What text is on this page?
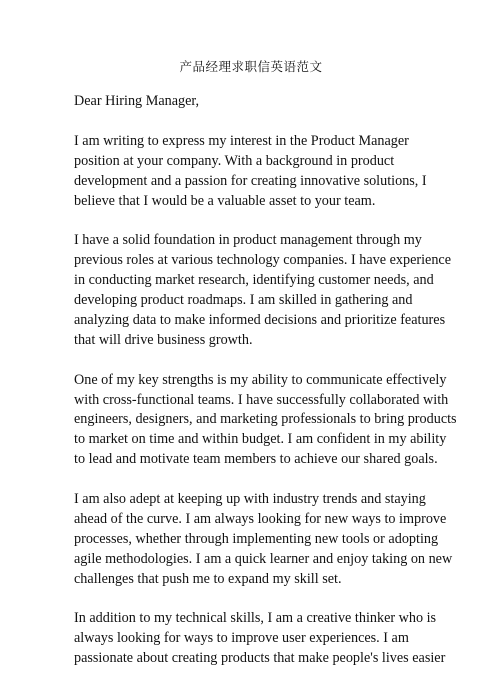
产品经理求职信英语范文
Dear Hiring Manager,
I am writing to express my interest in the Product Manager
position at your company. With a background in product
development and a passion for creating innovative solutions, I
believe that I would be a valuable asset to your team.
I have a solid foundation in product management through my
previous roles at various technology companies. I have experience
in conducting market research, identifying customer needs, and
developing product roadmaps. I am skilled in gathering and
analyzing data to make informed decisions and prioritize features
that will drive business growth.
One of my key strengths is my ability to communicate effectively
with cross-functional teams. I have successfully collaborated with
engineers, designers, and marketing professionals to bring products
to market on time and within budget. I am confident in my ability
to lead and motivate team members to achieve our shared goals.
I am also adept at keeping up with industry trends and staying
ahead of the curve. I am always looking for new ways to improve
processes, whether through implementing new tools or adopting
agile methodologies. I am a quick learner and enjoy taking on new
challenges that push me to expand my skill set.
In addition to my technical skills, I am a creative thinker who is
always looking for ways to improve user experiences. I am
passionate about creating products that make people's lives easier
